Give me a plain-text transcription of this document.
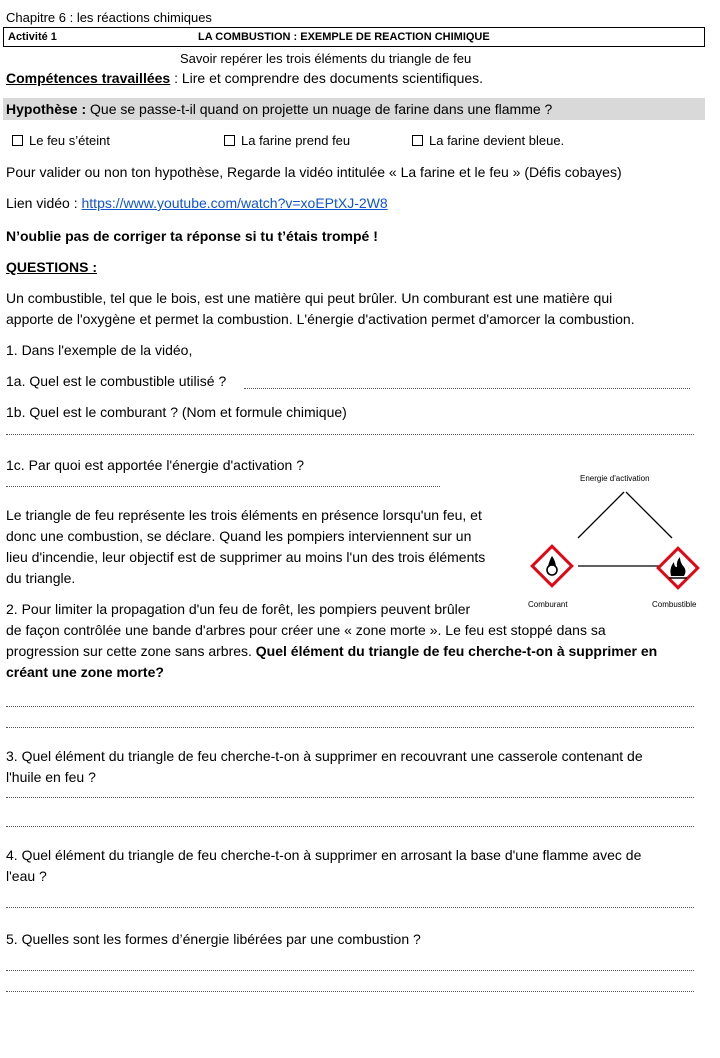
Chapitre 6 : les réactions chimiques
Activité 1	LA COMBUSTION : EXEMPLE DE REACTION CHIMIQUE
Savoir repérer les trois éléments du triangle de feu
Compétences travaillées : Lire et comprendre des documents scientifiques.
Hypothèse : Que se passe-t-il quand on projette un nuage de farine dans une flamme ?
Le feu s’éteint	La farine prend feu	La farine devient bleue.
Pour valider ou non ton hypothèse, Regarde la vidéo intitulée « La farine et le feu » (Défis cobayes)
Lien vidéo : https://www.youtube.com/watch?v=xoEPtXJ-2W8
N’oublie pas de corriger ta réponse si tu t’étais trompé !
QUESTIONS :
Un combustible, tel que le bois, est une matière qui peut brûler. Un comburant est une matière qui
apporte de l'oxygène et permet la combustion. L'énergie d'activation permet d'amorcer la combustion.
1. Dans l'exemple de la vidéo,
1a. Quel est le combustible utilisé ?
1b. Quel est le comburant ? (Nom et formule chimique)
1c. Par quoi est apportée l'énergie d'activation ?
Le triangle de feu représente les trois éléments en présence lorsqu'un feu, et
donc une combustion, se déclare. Quand les pompiers interviennent sur un
lieu d'incendie, leur objectif est de supprimer au moins l'un des trois éléments
du triangle.
Energie d'activation
Comburant	Combustible
2. Pour limiter la propagation d'un feu de forêt, les pompiers peuvent brûler
de façon contrôlée une bande d'arbres pour créer une « zone morte ». Le feu est stoppé dans sa
progression sur cette zone sans arbres. Quel élément du triangle de feu cherche-t-on à supprimer en
créant une zone morte?
3. Quel élément du triangle de feu cherche-t-on à supprimer en recouvrant une casserole contenant de
l'huile en feu ?
4. Quel élément du triangle de feu cherche-t-on à supprimer en arrosant la base d'une flamme avec de
l'eau ?
5. Quelles sont les formes d’énergie libérées par une combustion ?
